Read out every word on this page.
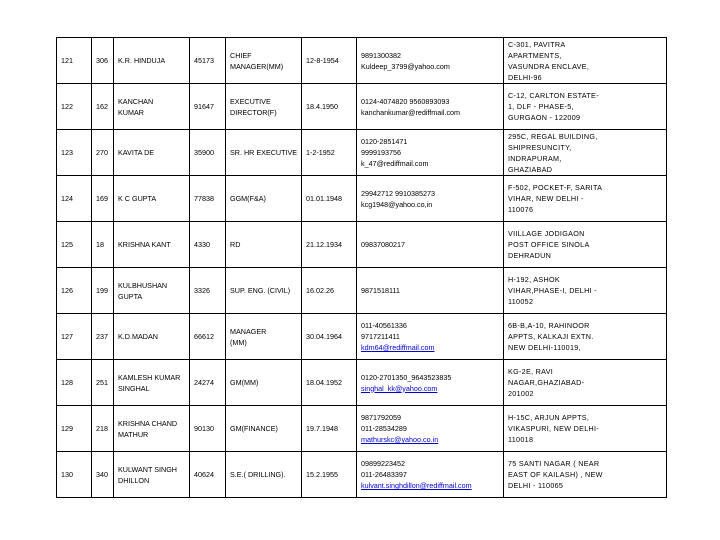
121	306	K.R. HINDUJA	45173	CHIEF
MANAGER(MM)	12-8-1954	9891300382
Kuldeep_3799@yahoo.com	C-301, PAVITRA
APARTMENTS,
VASUNDRA ENCLAVE,
DELHI-96

122	162	KANCHAN
KUMAR	91647	EXECUTIVE
DIRECTOR(F)	18.4.1950	0124-4074820 9560893093
kanchankumar@rediffmail.com	C-12, CARLTON ESTATE-
1, DLF - PHASE-5,
GURGAON - 122009

123	270	KAVITA DE	35900	SR. HR EXECUTIVE	1-2-1952	0120-2851471
9999193756
k_47@rediffmail.com	295C, REGAL BUILDING,
SHIPRESUNCITY,
INDRAPURAM,
GHAZIABAD

124	169	K C GUPTA	77838	GGM(F&A)	01.01.1948	29942712 9910385273
kcg1948@yahoo.co,in	F-502, POCKET-F, SARITA
VIHAR, NEW DELHI -
110076

125	18	KRISHNA KANT	4330	RD	21.12.1934	09837080217	VIILLAGE JODIGAON
POST OFFICE SINOLA
DEHRADUN

126	199	KULBHUSHAN
GUPTA	3326	SUP. ENG. (CIVIL)	16.02.26	9871518111	H-192, ASHOK
VIHAR,PHASE-I, DELHI -
110052

127	237	K.D.MADAN	66612	MANAGER
(MM)	30.04.1964	011-40561336
9717211411
kdm64@rediffmail.com	6B-B,A-10, RAHINOOR
APPTS, KALKAJI EXTN.
NEW DELHI-110019,

128	251	KAMLESH KUMAR
SINGHAL	24274	GM(MM)	18.04.1952	0120-2701350_9643523835
singhal_kk@yahoo.com	KG-2E, RAVI
NAGAR,GHAZIABAD-
201002

129	218	KRISHNA CHAND
MATHUR	90130	GM(FINANCE)	19.7.1948	9871792059
011-28534289
mathurskc@yahoo.co.in	H-15C, ARJUN APPTS,
VIKASPURI, NEW DELHI-
110018

130	340	KULWANT SINGH
DHILLON	40624	S.E.( DRILLING).	15.2.1955	09899223452
011-26483397
kulvant.singhdillon@rediffmail.com	75 SANTI NAGAR ( NEAR
EAST OF KAILASH) , NEW
DELHI - 110065
